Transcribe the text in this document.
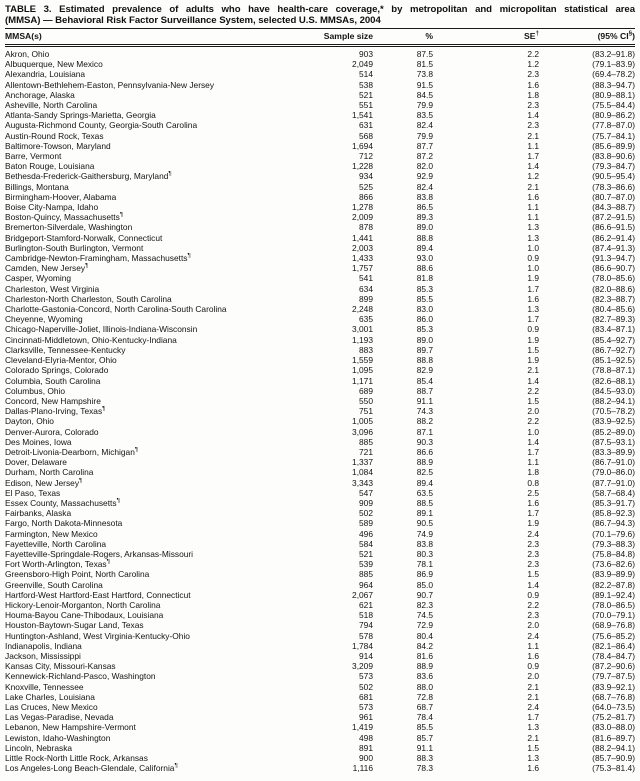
TABLE 3. Estimated prevalence of adults who have health-care coverage,* by metropolitan and micropolitan statistical area
(MMSA) — Behavioral Risk Factor Surveillance System, selected U.S. MMSAs, 2004
MMSA(s)	Sample size	%	SE†	(95% CI§)
Akron, Ohio	903	87.5	2.2	(83.2–91.8)
Albuquerque, New Mexico	2,049	81.5	1.2	(79.1–83.9)
Alexandria, Louisiana	514	73.8	2.3	(69.4–78.2)
Allentown-Bethlehem-Easton, Pennsylvania-New Jersey	538	91.5	1.6	(88.3–94.7)
Anchorage, Alaska	521	84.5	1.8	(80.9–88.1)
Asheville, North Carolina	551	79.9	2.3	(75.5–84.4)
Atlanta-Sandy Springs-Marietta, Georgia	1,541	83.5	1.4	(80.9–86.2)
Augusta-Richmond County, Georgia-South Carolina	631	82.4	2.3	(77.8–87.0)
Austin-Round Rock, Texas	568	79.9	2.1	(75.7–84.1)
Baltimore-Towson, Maryland	1,694	87.7	1.1	(85.6–89.9)
Barre, Vermont	712	87.2	1.7	(83.8–90.6)
Baton Rouge, Louisiana	1,228	82.0	1.4	(79.3–84.7)
Bethesda-Frederick-Gaithersburg, Maryland¶	934	92.9	1.2	(90.5–95.4)
Billings, Montana	525	82.4	2.1	(78.3–86.6)
Birmingham-Hoover, Alabama	866	83.8	1.6	(80.7–87.0)
Boise City-Nampa, Idaho	1,278	86.5	1.1	(84.3–88.7)
Boston-Quincy, Massachusetts¶	2,009	89.3	1.1	(87.2–91.5)
Bremerton-Silverdale, Washington	878	89.0	1.3	(86.6–91.5)
Bridgeport-Stamford-Norwalk, Connecticut	1,441	88.8	1.3	(86.2–91.4)
Burlington-South Burlington, Vermont	2,003	89.4	1.0	(87.4–91.3)
Cambridge-Newton-Framingham, Massachusetts¶	1,433	93.0	0.9	(91.3–94.7)
Camden, New Jersey¶	1,757	88.6	1.0	(86.6–90.7)
Casper, Wyoming	541	81.8	1.9	(78.0–85.6)
Charleston, West Virginia	634	85.3	1.7	(82.0–88.6)
Charleston-North Charleston, South Carolina	899	85.5	1.6	(82.3–88.7)
Charlotte-Gastonia-Concord, North Carolina-South Carolina	2,248	83.0	1.3	(80.4–85.6)
Cheyenne, Wyoming	635	86.0	1.7	(82.7–89.3)
Chicago-Naperville-Joliet, Illinois-Indiana-Wisconsin	3,001	85.3	0.9	(83.4–87.1)
Cincinnati-Middletown, Ohio-Kentucky-Indiana	1,193	89.0	1.9	(85.4–92.7)
Clarksville, Tennessee-Kentucky	883	89.7	1.5	(86.7–92.7)
Cleveland-Elyria-Mentor, Ohio	1,559	88.8	1.9	(85.1–92.5)
Colorado Springs, Colorado	1,095	82.9	2.1	(78.8–87.1)
Columbia, South Carolina	1,171	85.4	1.4	(82.6–88.1)
Columbus, Ohio	689	88.7	2.2	(84.5–93.0)
Concord, New Hampshire	550	91.1	1.5	(88.2–94.1)
Dallas-Plano-Irving, Texas¶	751	74.3	2.0	(70.5–78.2)
Dayton, Ohio	1,005	88.2	2.2	(83.9–92.5)
Denver-Aurora, Colorado	3,096	87.1	1.0	(85.2–89.0)
Des Moines, Iowa	885	90.3	1.4	(87.5–93.1)
Detroit-Livonia-Dearborn, Michigan¶	721	86.6	1.7	(83.3–89.9)
Dover, Delaware	1,337	88.9	1.1	(86.7–91.0)
Durham, North Carolina	1,084	82.5	1.8	(79.0–86.0)
Edison, New Jersey¶	3,343	89.4	0.8	(87.7–91.0)
El Paso, Texas	547	63.5	2.5	(58.7–68.4)
Essex County, Massachusetts¶	909	88.5	1.6	(85.3–91.7)
Fairbanks, Alaska	502	89.1	1.7	(85.8–92.3)
Fargo, North Dakota-Minnesota	589	90.5	1.9	(86.7–94.3)
Farmington, New Mexico	496	74.9	2.4	(70.1–79.6)
Fayetteville, North Carolina	584	83.8	2.3	(79.3–88.3)
Fayetteville-Springdale-Rogers, Arkansas-Missouri	521	80.3	2.3	(75.8–84.8)
Fort Worth-Arlington, Texas¶	539	78.1	2.3	(73.6–82.6)
Greensboro-High Point, North Carolina	885	86.9	1.5	(83.9–89.9)
Greenville, South Carolina	964	85.0	1.4	(82.2–87.8)
Hartford-West Hartford-East Hartford, Connecticut	2,067	90.7	0.9	(89.1–92.4)
Hickory-Lenoir-Morganton, North Carolina	621	82.3	2.2	(78.0–86.5)
Houma-Bayou Cane-Thibodaux, Louisiana	518	74.5	2.3	(70.0–79.1)
Houston-Baytown-Sugar Land, Texas	794	72.9	2.0	(68.9–76.8)
Huntington-Ashland, West Virginia-Kentucky-Ohio	578	80.4	2.4	(75.6–85.2)
Indianapolis, Indiana	1,784	84.2	1.1	(82.1–86.4)
Jackson, Mississippi	914	81.6	1.6	(78.4–84.7)
Kansas City, Missouri-Kansas	3,209	88.9	0.9	(87.2–90.6)
Kennewick-Richland-Pasco, Washington	573	83.6	2.0	(79.7–87.5)
Knoxville, Tennessee	502	88.0	2.1	(83.9–92.1)
Lake Charles, Louisiana	681	72.8	2.1	(68.7–76.8)
Las Cruces, New Mexico	573	68.7	2.4	(64.0–73.5)
Las Vegas-Paradise, Nevada	961	78.4	1.7	(75.2–81.7)
Lebanon, New Hampshire-Vermont	1,419	85.5	1.3	(83.0–88.0)
Lewiston, Idaho-Washington	498	85.7	2.1	(81.6–89.7)
Lincoln, Nebraska	891	91.1	1.5	(88.2–94.1)
Little Rock-North Little Rock, Arkansas	900	88.3	1.3	(85.7–90.9)
Los Angeles-Long Beach-Glendale, California¶	1,116	78.3	1.6	(75.3–81.4)
